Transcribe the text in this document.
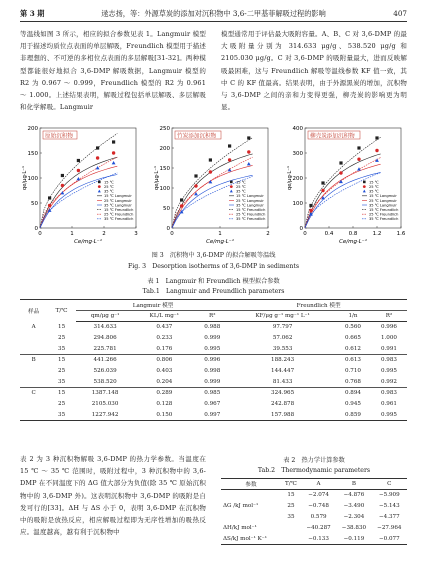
第 3 期	逯志扬，等：外源草炭的添加对沉积物中 3,6-二甲基菲解吸过程的影响	407
等温线如图 3 所示，相应的拟合参数见表 1。Langmuir 模型用于描述均质位点表面的单层解吸，Freundlich 模型用于描述非理想的、不可逆的多相位点表面的多层解吸[31-32]。两种模型都能很好地拟合 3,6-DMP 解吸数据，Langmuir 模型的 R2 为 0.967 ～ 0.999，Freundlich 模型的 R2 为 0.961 ～ 1.000。上述结果表明，解吸过程包括单层解吸、多层解吸和化学解吸。Langmuir
模型通常用于评估最大吸附容量。A、B、C 对 3,6-DMP 的最大吸附量分别为 314.633 μg/g、538.520 μg/g 和 2105.030 μg/g。C 对 3,6-DMP 的吸附量最大，进而反映解吸最困难，这与 Freundlich 解吸等温线参数 KF 值一致，其中 C 的 KF 值最高。结果表明，由于外源黑炭的增加，沉积物与 3,6-DMP 之间的亲和力变得更强，柳壳炭的影响更为明显。
0	1	2	3
0
50
100
150
200
Ce/mg·L⁻¹
qe/μg·L⁻¹
原始沉积物
15 ℃
25 ℃
35 ℃
15 ℃ Langmuir
25 ℃ Langmuir
35 ℃ Langmuir
15 ℃ Freundlich
25 ℃ Freundlich
35 ℃ Freundlich
0	1	2
0
50
100
150
200
250
Ce/mg·L⁻¹
qe/μg·L⁻¹
竹炭添加沉积物
15 ℃
25 ℃
35 ℃
15 ℃ Langmuir
25 ℃ Langmuir
35 ℃ Langmuir
15 ℃ Freundlich
25 ℃ Freundlich
35 ℃ Freundlich
0	0.4	0.8	1.2	1.6
0
100
200
300
400
Ce/mg·L⁻¹
qe/μg·L⁻¹
柳壳炭添加沉积物
15 ℃
25 ℃
35 ℃
15 ℃ Langmuir
25 ℃ Langmuir
35 ℃ Langmuir
15 ℃ Freundlich
25 ℃ Freundlich
35 ℃ Freundlich
图 3　沉积物中 3,6-DMP 的拟合解吸等温线
Fig. 3　Desorption isotherms of 3,6-DMP in sediments
表 1　Langmuir 和 Freundlich 模型拟合参数
Tab.1　Langmuir and Freundlich parameters
样品	T/℃	Langmuir 模型			Freundlich 模型		
		qm/μg g⁻¹	KL/L mg⁻¹	R²	KF/μg g⁻¹ mg⁻¹ L⁻¹	1/n	R²
A	15	314.633	0.437	0.988	97.797	0.560	0.996
	25	294.806	0.233	0.999	57.062	0.665	1.000
	35	225.781	0.176	0.995	39.553	0.612	0.991
B	15	441.266	0.806	0.996	188.243	0.613	0.983
	25	526.039	0.403	0.998	144.447	0.710	0.995
	35	538.520	0.204	0.999	81.433	0.768	0.992
C	15	1387.148	0.289	0.985	324.965	0.894	0.983
	25	2105.030	0.128	0.967	242.878	0.945	0.961
	35	1227.942	0.150	0.997	157.988	0.859	0.995
表 2 为 3 种沉积物解吸 3,6-DMP 的热力学参数。当温度在 15 ℃ ～ 35 ℃ 范围时，吸附过程中，3 种沉积物中的 3,6-DMP 在不同温度下的 ΔG 值大部分为负值(除 35 ℃ 原始沉积物中的 3,6-DMP 外)。这表明沉积物中 3,6-DMP 的吸附是自发可行的[33]。ΔH 与 ΔS 小于 0，表明 3,6-DMP 在沉积物中的吸附是放热反应，相应解吸过程即为无序性增加的吸热反应。温度越高，越有利于沉积物中
表 2　热力学计算参数
Tab.2　Thermodynamic parameters
参数	T/℃	A	B	C
	15	−2.074	−4.876	−5.909
ΔG /kJ mol⁻¹	25	−0.748	−3.490	−5.143
	35	0.579	−2.304	−4.377
ΔH/kJ mol⁻¹		−40.287	−38.830	−27.964
ΔS/kJ mol⁻¹ K⁻¹		−0.133	−0.119	−0.077
